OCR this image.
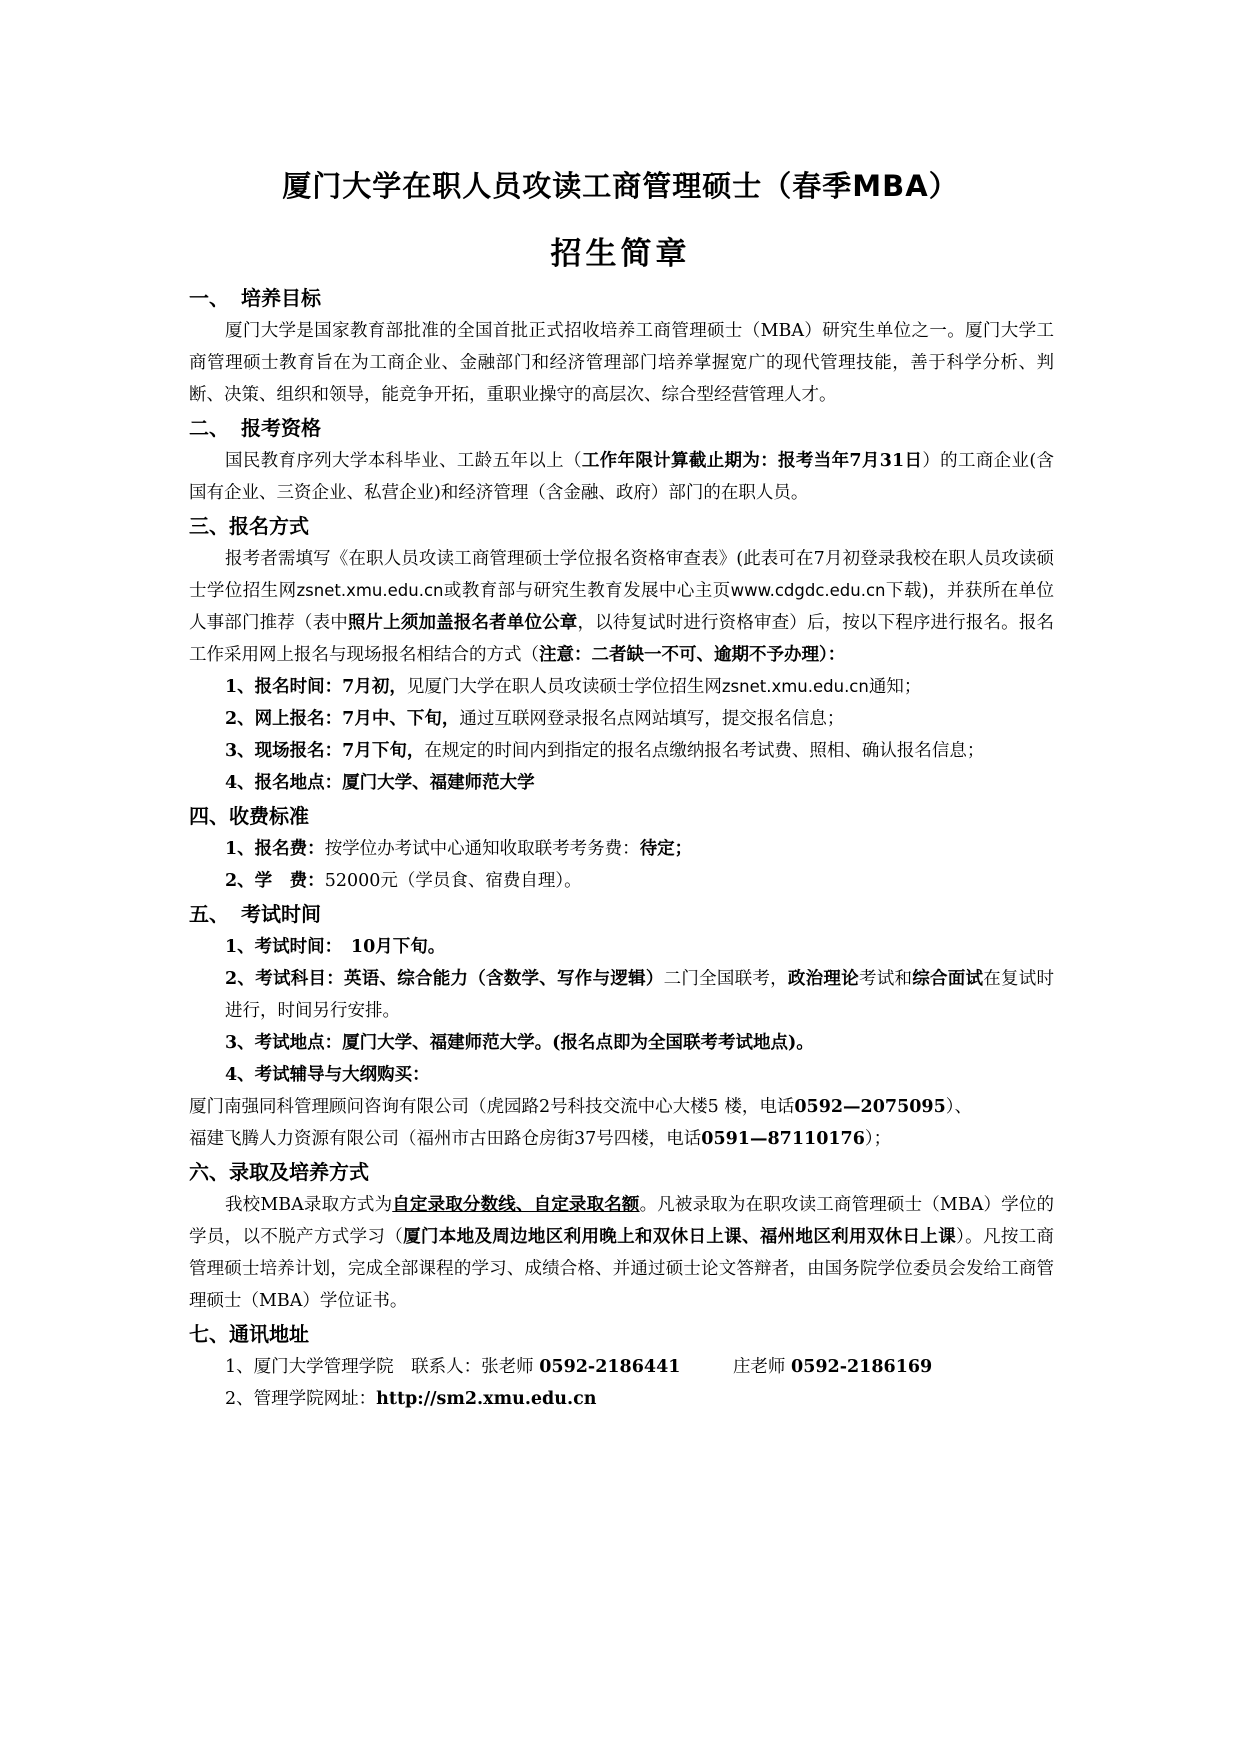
厦门大学在职人员攻读工商管理硕士（春季MBA）
招生简章
一、 培养目标

厦门大学是国家教育部批准的全国首批正式招收培养工商管理硕士（MBA）研究生单位之一。厦门大学工商管理硕士教育旨在为工商企业、金融部门和经济管理部门培养掌握宽广的现代管理技能，善于科学分析、判断、决策、组织和领导，能竞争开拓，重职业操守的高层次、综合型经营管理人才。

二、 报考资格

国民教育序列大学本科毕业、工龄五年以上（工作年限计算截止期为：报考当年7月31日）的工商企业(含国有企业、三资企业、私营企业)和经济管理（含金融、政府）部门的在职人员。

三、报名方式

报考者需填写《在职人员攻读工商管理硕士学位报名资格审查表》(此表可在7月初登录我校在职人员攻读硕士学位招生网zsnet.xmu.edu.cn或教育部与研究生教育发展中心主页www.cdgdc.edu.cn下载)，并获所在单位人事部门推荐（表中照片上须加盖报名者单位公章，以待复试时进行资格审查）后，按以下程序进行报名。报名工作采用网上报名与现场报名相结合的方式（注意：二者缺一不可、逾期不予办理）：

1、报名时间：7月初，见厦门大学在职人员攻读硕士学位招生网zsnet.xmu.edu.cn通知；

2、网上报名：7月中、下旬，通过互联网登录报名点网站填写，提交报名信息；

3、现场报名：7月下旬，在规定的时间内到指定的报名点缴纳报名考试费、照相、确认报名信息；

4、报名地点：厦门大学、福建师范大学

四、收费标准

1、报名费：按学位办考试中心通知收取联考考务费：待定；

2、学　费：52000元（学员食、宿费自理）。

五、 考试时间

1、考试时间：　10月下旬。

2、考试科目：英语、综合能力（含数学、写作与逻辑）二门全国联考，政治理论考试和综合面试在复试时进行，时间另行安排。

3、考试地点：厦门大学、福建师范大学。(报名点即为全国联考考试地点)。

4、考试辅导与大纲购买：

厦门南强同科管理顾问咨询有限公司（虎园路2号科技交流中心大楼5 楼，电话0592—2075095）、

福建飞腾人力资源有限公司（福州市古田路仓房街37号四楼，电话0591—87110176）；

六、录取及培养方式

我校MBA录取方式为自定录取分数线、自定录取名额。凡被录取为在职攻读工商管理硕士（MBA）学位的学员，以不脱产方式学习（厦门本地及周边地区利用晚上和双休日上课、福州地区利用双休日上课）。凡按工商管理硕士培养计划，完成全部课程的学习、成绩合格、并通过硕士论文答辩者，由国务院学位委员会发给工商管理硕士（MBA）学位证书。

七、通讯地址

1、厦门大学管理学院　联系人：张老师 0592-2186441　　　	庄老师 0592-2186169

2、管理学院网址：http://sm2.xmu.edu.cn
